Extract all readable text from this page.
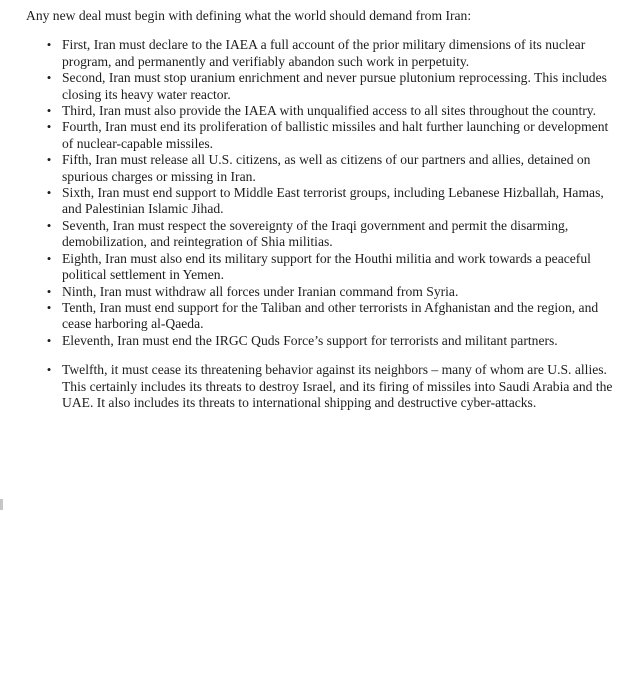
Any new deal must begin with defining what the world should demand from Iran:

• First, Iran must declare to the IAEA a full account of the prior military dimensions of its nuclear program, and permanently and verifiably abandon such work in perpetuity.
• Second, Iran must stop uranium enrichment and never pursue plutonium reprocessing. This includes closing its heavy water reactor.
• Third, Iran must also provide the IAEA with unqualified access to all sites throughout the country.
• Fourth, Iran must end its proliferation of ballistic missiles and halt further launching or development of nuclear-capable missiles.
• Fifth, Iran must release all U.S. citizens, as well as citizens of our partners and allies, detained on spurious charges or missing in Iran.
• Sixth, Iran must end support to Middle East terrorist groups, including Lebanese Hizballah, Hamas, and Palestinian Islamic Jihad.
• Seventh, Iran must respect the sovereignty of the Iraqi government and permit the disarming, demobilization, and reintegration of Shia militias.
• Eighth, Iran must also end its military support for the Houthi militia and work towards a peaceful political settlement in Yemen.
• Ninth, Iran must withdraw all forces under Iranian command from Syria.
• Tenth, Iran must end support for the Taliban and other terrorists in Afghanistan and the region, and cease harboring al-Qaeda.
• Eleventh, Iran must end the IRGC Quds Force’s support for terrorists and militant partners.
• Twelfth, it must cease its threatening behavior against its neighbors – many of whom are U.S. allies. This certainly includes its threats to destroy Israel, and its firing of missiles into Saudi Arabia and the UAE. It also includes its threats to international shipping and destructive cyber-attacks.
